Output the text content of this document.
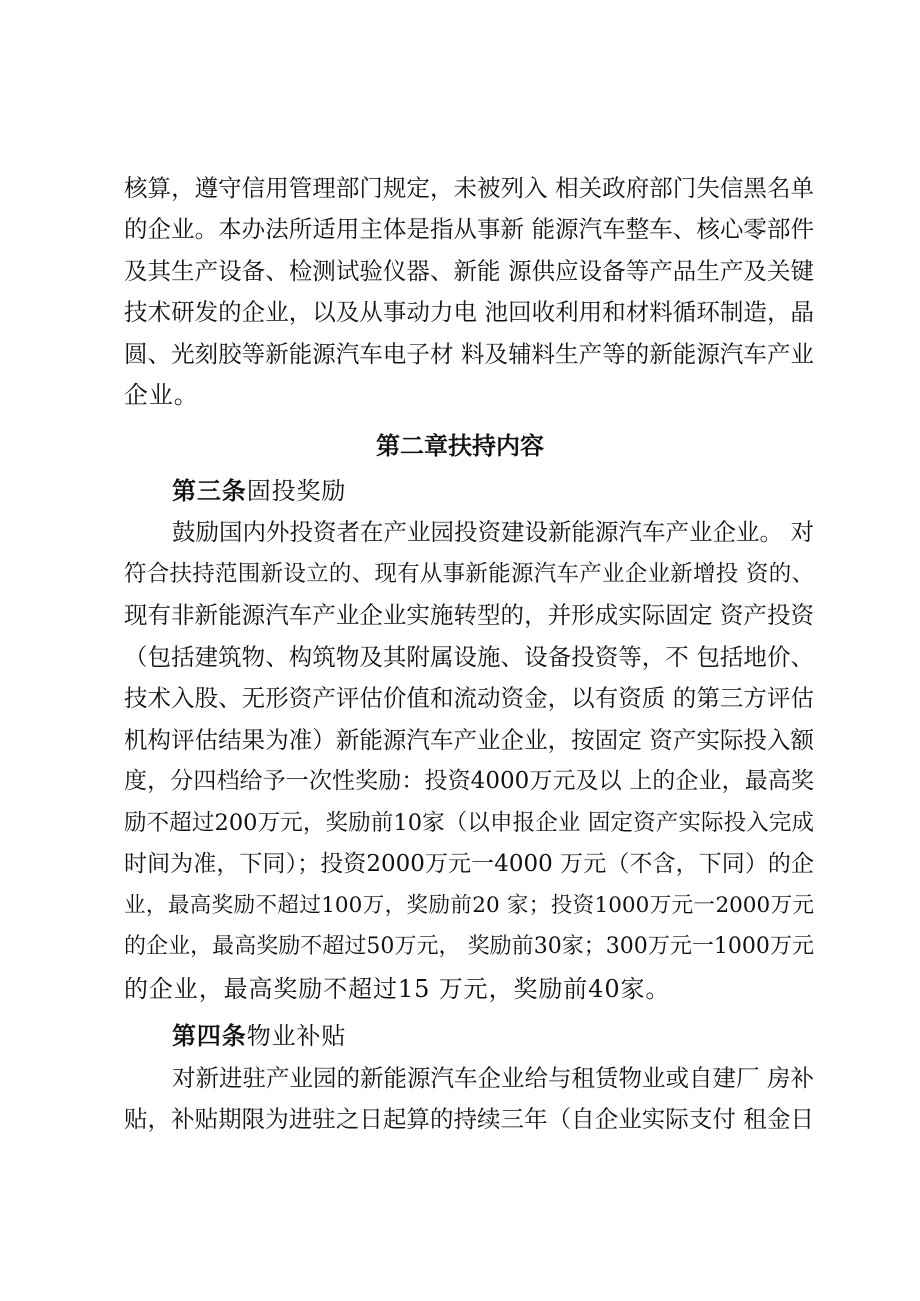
核算，遵守信用管理部门规定，未被列入 相关政府部门失信黑名单
的企业。本办法所适用主体是指从事新 能源汽车整车、核心零部件
及其生产设备、检测试验仪器、新能 源供应设备等产品生产及关键
技术研发的企业，以及从事动力电 池回收利用和材料循环制造，晶
圆、光刻胶等新能源汽车电子材 料及辅料生产等的新能源汽车产业
企业。
第二章扶持内容
第三条固投奖励
鼓励国内外投资者在产业园投资建设新能源汽车产业企业。 对
符合扶持范围新设立的、现有从事新能源汽车产业企业新增投 资的、
现有非新能源汽车产业企业实施转型的，并形成实际固定 资产投资
（包括建筑物、构筑物及其附属设施、设备投资等，不 包括地价、
技术入股、无形资产评估价值和流动资金，以有资质 的第三方评估
机构评估结果为准）新能源汽车产业企业，按固定 资产实际投入额
度，分四档给予一次性奖励：投资4000万元及以 上的企业，最高奖
励不超过200万元，奖励前10家（以申报企业 固定资产实际投入完成
时间为准，下同）；投资2000万元一4000 万元（不含，下同）的企
业，最高奖励不超过100万，奖励前20 家；投资1000万元一2000万元
的企业，最高奖励不超过50万元， 奖励前30家；300万元一1000万元
的企业，最高奖励不超过15 万元，奖励前40家。
第四条物业补贴
对新进驻产业园的新能源汽车企业给与租赁物业或自建厂 房补
贴，补贴期限为进驻之日起算的持续三年（自企业实际支付 租金日
